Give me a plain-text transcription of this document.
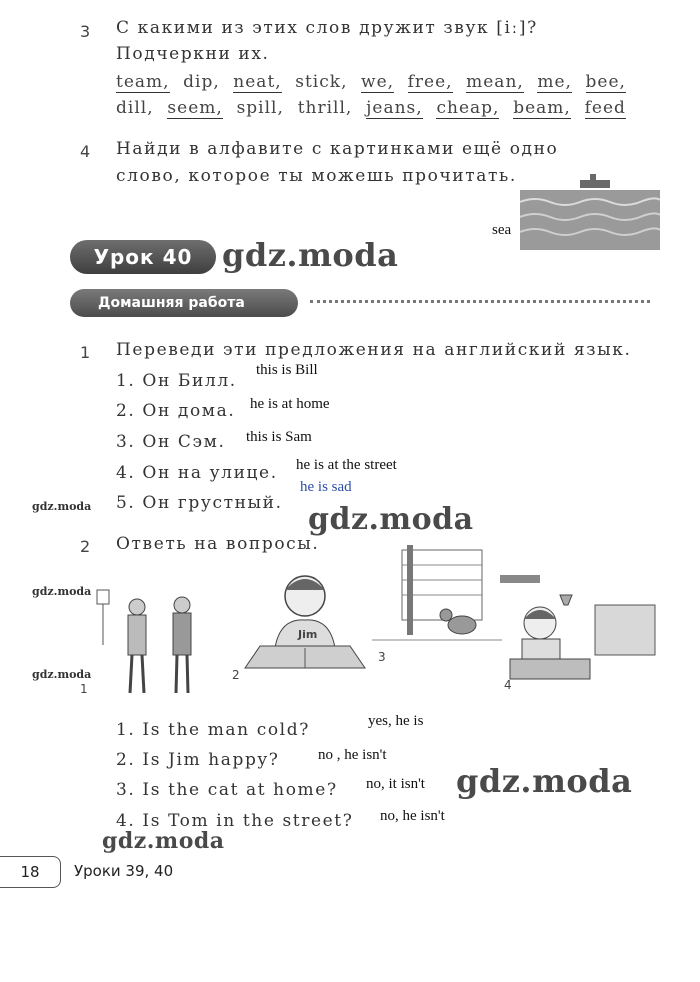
3 С какими из этих слов дружит звук [iː]?
Подчеркни их.
team, dip, neat, stick, we, free, mean, me, bee,
dill, seem, spill, thrill, jeans, cheap, beam, feed
4 Найди в алфавите с картинками ещё одно
слово, которое ты можешь прочитать.
sea
Урок 40 gdz.moda
Домашняя работа
1 Переведи эти предложения на английский язык.
1. Он Билл.
this is Bill
2. Он дома. he is at home
3. Он Сэм. this is Sam
4. Он на улице. he is at the street
5. Он грустный.
he is sad
gdz.moda	gdz.moda
2 Ответь на вопросы.
gdz.moda
gdz.moda
1
Jim
2
3
4
1. Is the man cold?	yes, he is
2. Is Jim happy?	no , he isn't
3. Is the cat at home? no, it isn't gdz.moda
4. Is Tom in the street? no, he isn't
gdz.moda
18	Уроки 39, 40
